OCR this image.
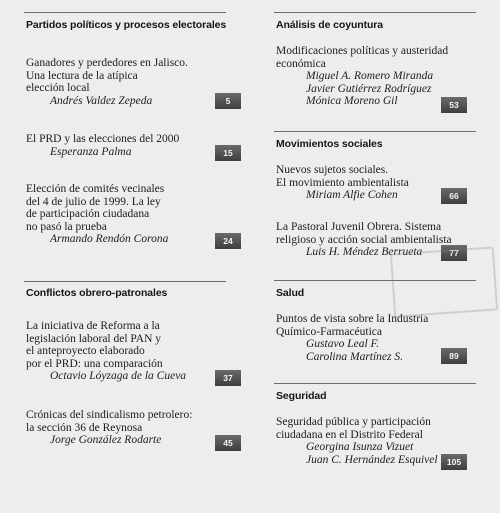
Partidos políticos y procesos electorales
Ganadores y perdedores en Jalisco.
Una lectura de la atípica
elección local
Andrés Valdez Zepeda	5
El PRD y las elecciones del 2000
Esperanza Palma	15
Elección de comités vecinales
del 4 de julio de 1999. La ley
de participación ciudadana
no pasó la prueba
Armando Rendón Corona	24
Conflictos obrero-patronales
La iniciativa de Reforma a la
legislación laboral del PAN y
el anteproyecto elaborado
por el PRD: una comparación
Octavio Lóyzaga de la Cueva	37
Crónicas del sindicalismo petrolero:
la sección 36 de Reynosa
Jorge González Rodarte	45
Análisis de coyuntura
Modificaciones políticas y austeridad
económica
Miguel A. Romero Miranda
Javier Gutiérrez Rodríguez
Mónica Moreno Gil	53
Movimientos sociales
Nuevos sujetos sociales.
El movimiento ambientalista
Miriam Alfie Cohen	66
La Pastoral Juvenil Obrera. Sistema
religioso y acción social ambientalista
Luis H. Méndez Berrueta	77
Salud
Puntos de vista sobre la Industria
Químico-Farmacéutica
Gustavo Leal F.
Carolina Martínez S.	89
Seguridad
Seguridad pública y participación
ciudadana en el Distrito Federal
Georgina Isunza Vizuet
Juan C. Hernández Esquivel	105
